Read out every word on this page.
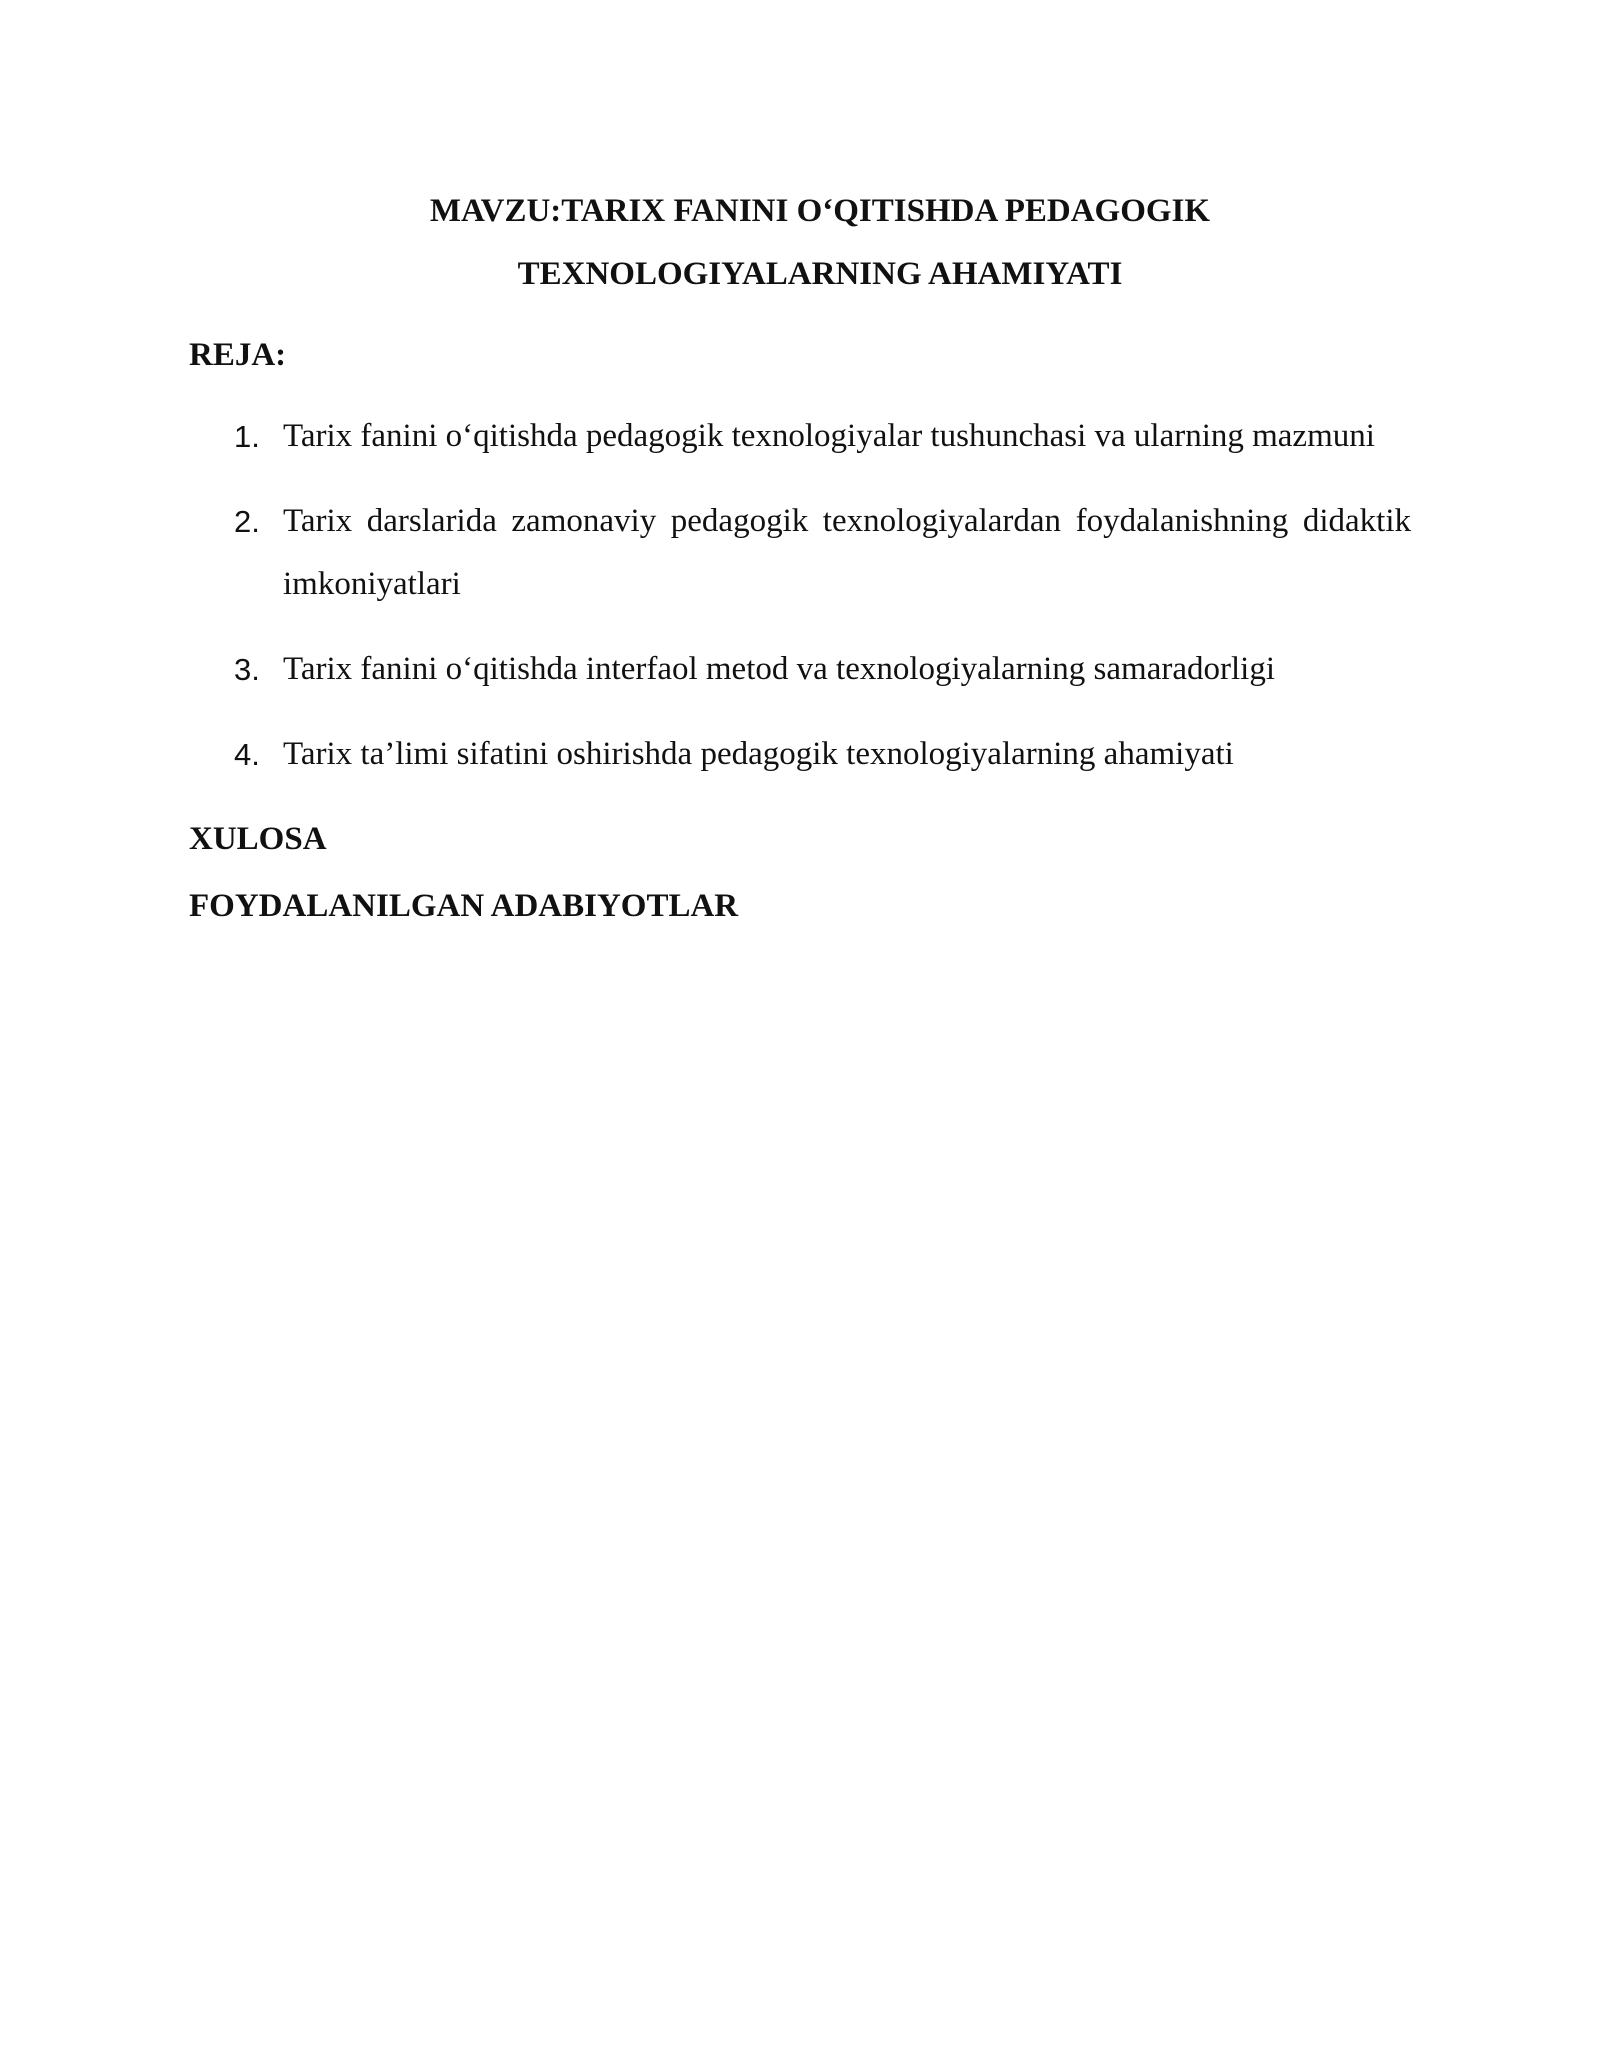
MAVZU:TARIX FANINI O‘QITISHDA PEDAGOGIK
TEXNOLOGIYALARNING AHAMIYATI
REJA:
1. Tarix fanini o‘qitishda pedagogik texnologiyalar tushunchasi va ularning mazmuni
2. Tarix darslarida zamonaviy pedagogik texnologiyalardan foydalanishning didaktik imkoniyatlari
3. Tarix fanini o‘qitishda interfaol metod va texnologiyalarning samaradorligi
4. Tarix ta’limi sifatini oshirishda pedagogik texnologiyalarning ahamiyati
XULOSA
FOYDALANILGAN ADABIYOTLAR
